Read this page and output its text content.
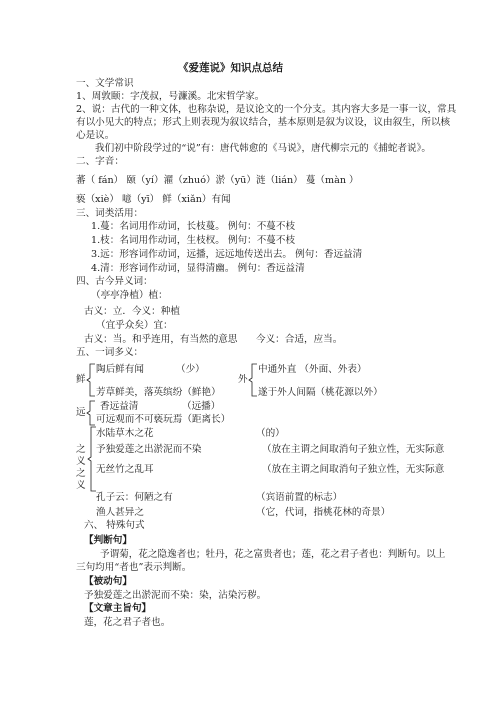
《爱莲说》知识点总结
一、文学常识
1、周敦颐：字茂叔，号濂溪。北宋哲学家。
2、说：古代的一种文体，也称杂说，是议论文的一个分支。其内容大多是一事一议，常具
有以小见大的特点；形式上则表现为叙议结合，基本原则是叙为议设，议由叙生，所以核
心是议。
我们初中阶段学过的“说”有：唐代韩愈的《马说》，唐代柳宗元的《捕蛇者说》。
二、字音：
蕃（ fán） 颐（yí）濯（zhuó）淤（yū）涟（lián） 蔓（màn ）
亵（xiè） 噫（yī） 鲜（xiǎn）有闻
三、词类活用：
1.蔓：名词用作动词，长枝蔓。 例句：不蔓不枝
1.枝：名词用作动词，生枝杈。 例句：不蔓不枝
3.远：形容词作动词，远播，远远地传送出去。 例句：香远益清
4.清：形容词作动词，显得清幽。 例句：香远益清
四、古今异义词：
（亭亭净植）植：
古义：立．今义：种植
（宜乎众矣）宜：
古义：当。和乎连用，有当然的意思 今义：合适，应当。
五、一词多义：
鲜
陶后鲜有闻	（少）
芳草鲜美，落英缤纷（鲜艳）
外
中通外直 （外面、外表）
遂于外人间隔（桃花源以外）
远
香远益清	（远播）
可远观而不可亵玩焉（距离长）
之
义
之
义
水陆草木之花	（的）
予独爱莲之出淤泥而不染	（放在主谓之间取消句子独立性，无实际意
无丝竹之乱耳	（放在主谓之间取消句子独立性，无实际意
孔子云：何陋之有	（宾语前置的标志）
渔人甚异之	（它，代词，指桃花林的奇景）
六、 特殊句式
【判断句】
予谓菊，花之隐逸者也；牡丹，花之富贵者也；莲，花之君子者也：判断句。以上
三句均用“者也”表示判断。
【被动句】
予独爱莲之出淤泥而不染：染，沾染污秽。
【文章主旨句】
莲，花之君子者也。
